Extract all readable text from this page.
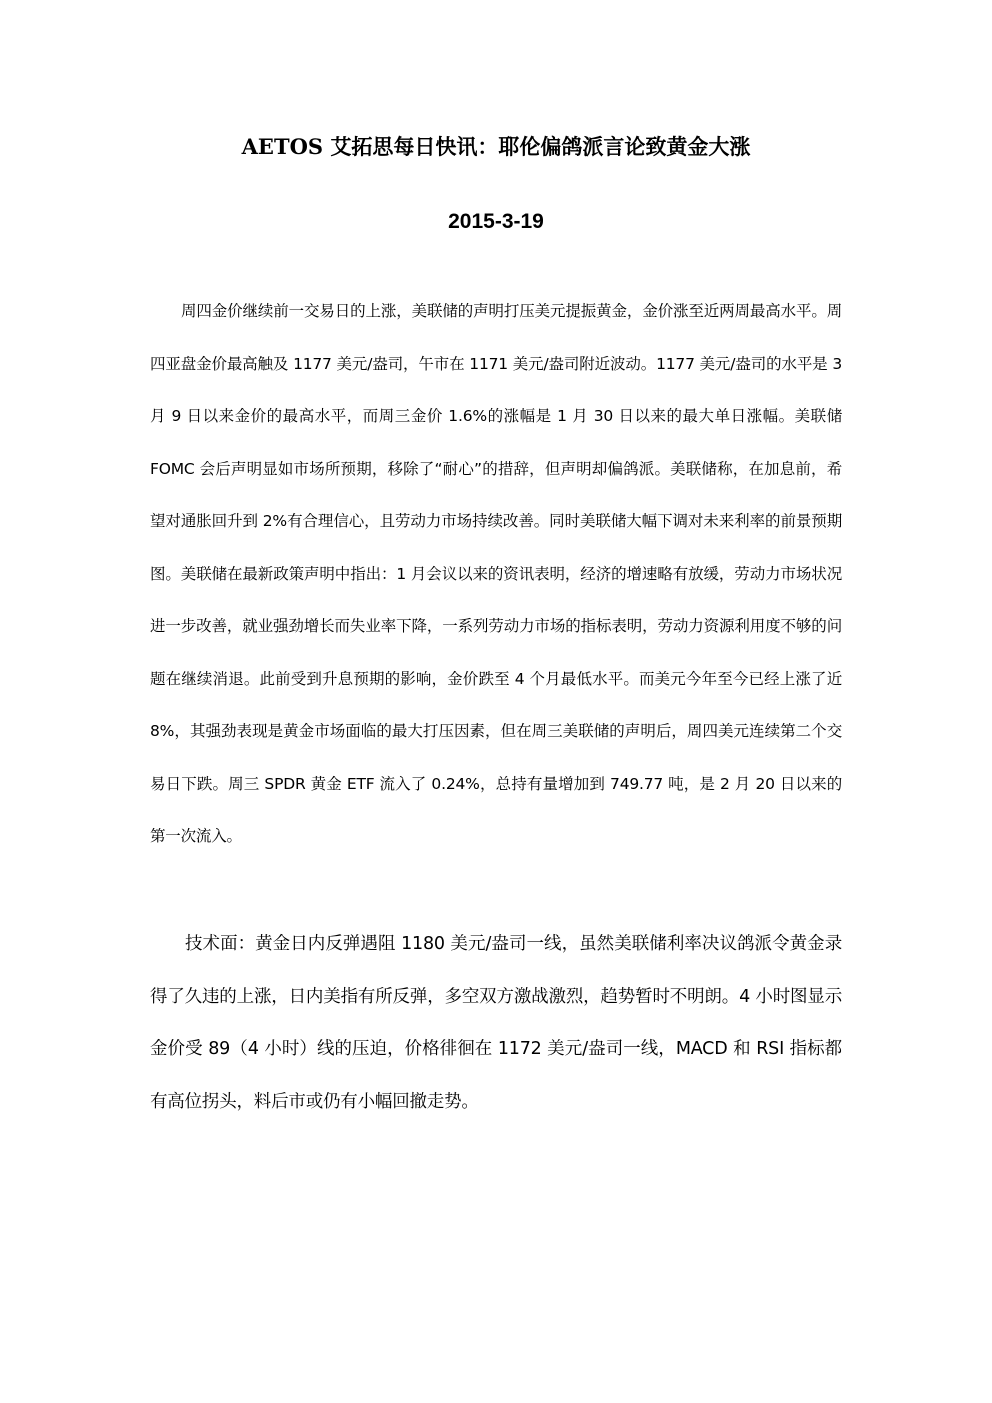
AETOS 艾拓思每日快讯：耶伦偏鸽派言论致黄金大涨
2015-3-19

周四金价继续前一交易日的上涨，美联储的声明打压美元提振黄金，金价涨至近两周最高水平。周四亚盘金价最高触及 1177 美元/盎司，午市在 1171 美元/盎司附近波动。1177 美元/盎司的水平是 3 月 9 日以来金价的最高水平，而周三金价 1.6%的涨幅是 1 月 30 日以来的最大单日涨幅。美联储 FOMC 会后声明显如市场所预期，移除了“耐心”的措辞，但声明却偏鸽派。美联储称，在加息前，希望对通胀回升到 2%有合理信心，且劳动力市场持续改善。同时美联储大幅下调对未来利率的前景预期图。美联储在最新政策声明中指出：1 月会议以来的资讯表明，经济的增速略有放缓，劳动力市场状况进一步改善，就业强劲增长而失业率下降，一系列劳动力市场的指标表明，劳动力资源利用度不够的问题在继续消退。此前受到升息预期的影响，金价跌至 4 个月最低水平。而美元今年至今已经上涨了近 8%，其强劲表现是黄金市场面临的最大打压因素，但在周三美联储的声明后，周四美元连续第二个交易日下跌。周三 SPDR 黄金 ETF 流入了 0.24%，总持有量增加到 749.77 吨，是 2 月 20 日以来的第一次流入。

技术面：黄金日内反弹遇阻 1180 美元/盎司一线，虽然美联储利率决议鸽派令黄金录得了久违的上涨，日内美指有所反弹，多空双方激战激烈，趋势暂时不明朗。4 小时图显示金价受 89（4 小时）线的压迫，价格徘徊在 1172 美元/盎司一线，MACD 和 RSI 指标都有高位拐头，料后市或仍有小幅回撤走势。
